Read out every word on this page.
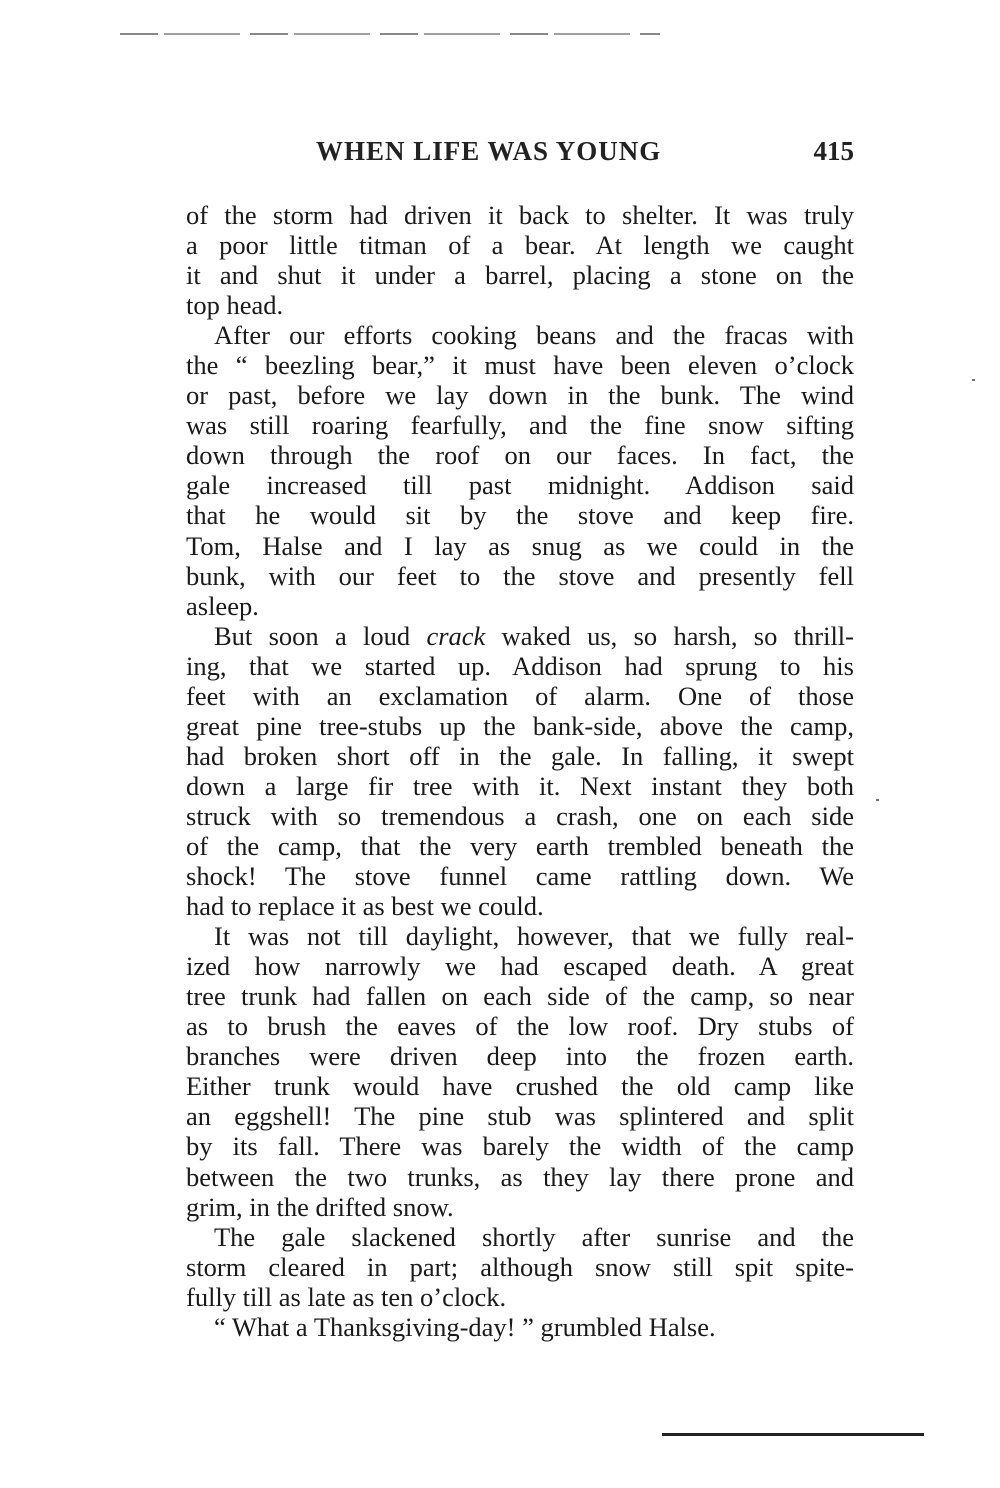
WHEN LIFE WAS YOUNG	415

of the storm had driven it back to shelter. It was truly
a poor little titman of a bear. At length we caught
it and shut it under a barrel, placing a stone on the
top head.

After our efforts cooking beans and the fracas with
the “ beezling bear,” it must have been eleven o’clock
or past, before we lay down in the bunk. The wind
was still roaring fearfully, and the fine snow sifting
down through the roof on our faces. In fact, the
gale increased till past midnight. Addison said
that he would sit by the stove and keep fire.
Tom, Halse and I lay as snug as we could in the
bunk, with our feet to the stove and presently fell
asleep.

But soon a loud crack waked us, so harsh, so thrill-
ing, that we started up. Addison had sprung to his
feet with an exclamation of alarm. One of those
great pine tree-stubs up the bank-side, above the camp,
had broken short off in the gale. In falling, it swept
down a large fir tree with it. Next instant they both
struck with so tremendous a crash, one on each side
of the camp, that the very earth trembled beneath the
shock! The stove funnel came rattling down. We
had to replace it as best we could.

It was not till daylight, however, that we fully real-
ized how narrowly we had escaped death. A great
tree trunk had fallen on each side of the camp, so near
as to brush the eaves of the low roof. Dry stubs of
branches were driven deep into the frozen earth.
Either trunk would have crushed the old camp like
an eggshell! The pine stub was splintered and split
by its fall. There was barely the width of the camp
between the two trunks, as they lay there prone and
grim, in the drifted snow.

The gale slackened shortly after sunrise and the
storm cleared in part; although snow still spit spite-
fully till as late as ten o’clock.

“ What a Thanksgiving-day! ” grumbled Halse.
